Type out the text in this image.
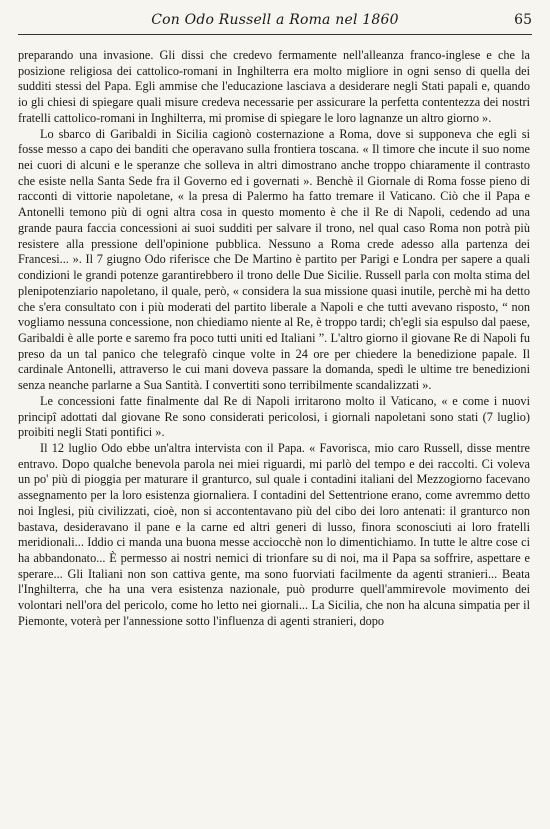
Con Odo Russell a Roma nel 1860	65

preparando una invasione. Gli dissi che credevo fermamente nell'alleanza franco-inglese e che la posizione religiosa dei cattolico-romani in Inghilterra era molto migliore in ogni senso di quella dei sudditi stessi del Papa. Egli ammise che l'educazione lasciava a desiderare negli Stati papali e, quando io gli chiesi di spiegare quali misure credeva necessarie per assicurare la perfetta contentezza dei nostri fratelli cattolico-romani in Inghilterra, mi promise di spiegare le loro lagnanze un altro giorno ».

Lo sbarco di Garibaldi in Sicilia cagionò costernazione a Roma, dove si supponeva che egli si fosse messo a capo dei banditi che operavano sulla frontiera toscana. « Il timore che incute il suo nome nei cuori di alcuni e le speranze che solleva in altri dimostrano anche troppo chiaramente il contrasto che esiste nella Santa Sede fra il Governo ed i governati ». Benchè il Giornale di Roma fosse pieno di racconti di vittorie napoletane, « la presa di Palermo ha fatto tremare il Vaticano. Ciò che il Papa e Antonelli temono più di ogni altra cosa in questo momento è che il Re di Napoli, cedendo ad una grande paura faccia concessioni ai suoi sudditi per salvare il trono, nel qual caso Roma non potrà più resistere alla pressione dell'opinione pubblica. Nessuno a Roma crede adesso alla partenza dei Francesi... ». Il 7 giugno Odo riferisce che De Martino è partito per Parigi e Londra per sapere a quali condizioni le grandi potenze garantirebbero il trono delle Due Sicilie. Russell parla con molta stima del plenipotenziario napoletano, il quale, però, « considera la sua missione quasi inutile, perchè mi ha detto che s'era consultato con i più moderati del partito liberale a Napoli e che tutti avevano risposto, “ non vogliamo nessuna concessione, non chiediamo niente al Re, è troppo tardi; ch'egli sia espulso dal paese, Garibaldi è alle porte e saremo fra poco tutti uniti ed Italiani ”. L'altro giorno il giovane Re di Napoli fu preso da un tal panico che telegrafò cinque volte in 24 ore per chiedere la benedizione papale. Il cardinale Antonelli, attraverso le cui mani doveva passare la domanda, spedì le ultime tre benedizioni senza neanche parlarne a Sua Santità. I convertiti sono terribilmente scandalizzati ».

Le concessioni fatte finalmente dal Re di Napoli irritarono molto il Vaticano, « e come i nuovi principî adottati dal giovane Re sono considerati pericolosi, i giornali napoletani sono stati (7 luglio) proibiti negli Stati pontifici ».

Il 12 luglio Odo ebbe un'altra intervista con il Papa. « Favorisca, mio caro Russell, disse mentre entravo. Dopo qualche benevola parola nei miei riguardi, mi parlò del tempo e dei raccolti. Ci voleva un po' più di pioggia per maturare il granturco, sul quale i contadini italiani del Mezzogiorno facevano assegnamento per la loro esistenza giornaliera. I contadini del Settentrione erano, come avremmo detto noi Inglesi, più civilizzati, cioè, non si accontentavano più del cibo dei loro antenati: il granturco non bastava, desideravano il pane e la carne ed altri generi di lusso, finora sconosciuti ai loro fratelli meridionali... Iddio ci manda una buona messe acciocchè non lo dimentichiamo. In tutte le altre cose ci ha abbandonato... È permesso ai nostri nemici di trionfare su di noi, ma il Papa sa soffrire, aspettare e sperare... Gli Italiani non son cattiva gente, ma sono fuorviati facilmente da agenti stranieri... Beata l'Inghilterra, che ha una vera esistenza nazionale, può produrre quell'ammirevole movimento dei volontari nell'ora del pericolo, come ho letto nei giornali... La Sicilia, che non ha alcuna simpatia per il Piemonte, voterà per l'annessione sotto l'influenza di agenti stranieri, dopo
